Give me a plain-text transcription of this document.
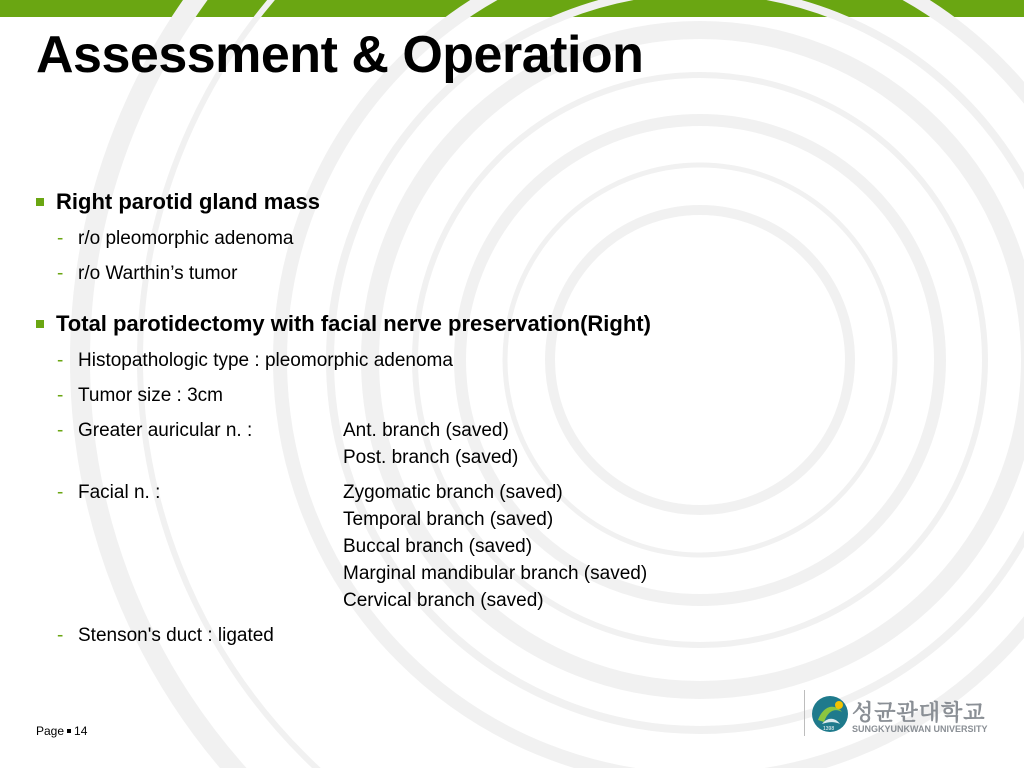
Assessment & Operation
Right parotid gland mass
- r/o pleomorphic adenoma
- r/o Warthin’s tumor
Total parotidectomy with facial nerve preservation(Right)
- Histopathologic type : pleomorphic adenoma
- Tumor size : 3cm
- Greater auricular n. :	Ant. branch (saved)
Post. branch (saved)
- Facial n. :	Zygomatic branch (saved)
Temporal branch (saved)
Buccal branch (saved)
Marginal mandibular branch (saved)
Cervical branch (saved)
- Stenson's duct : ligated
Page 14	1398
성균관대학교
SUNGKYUNKWAN UNIVERSITY
